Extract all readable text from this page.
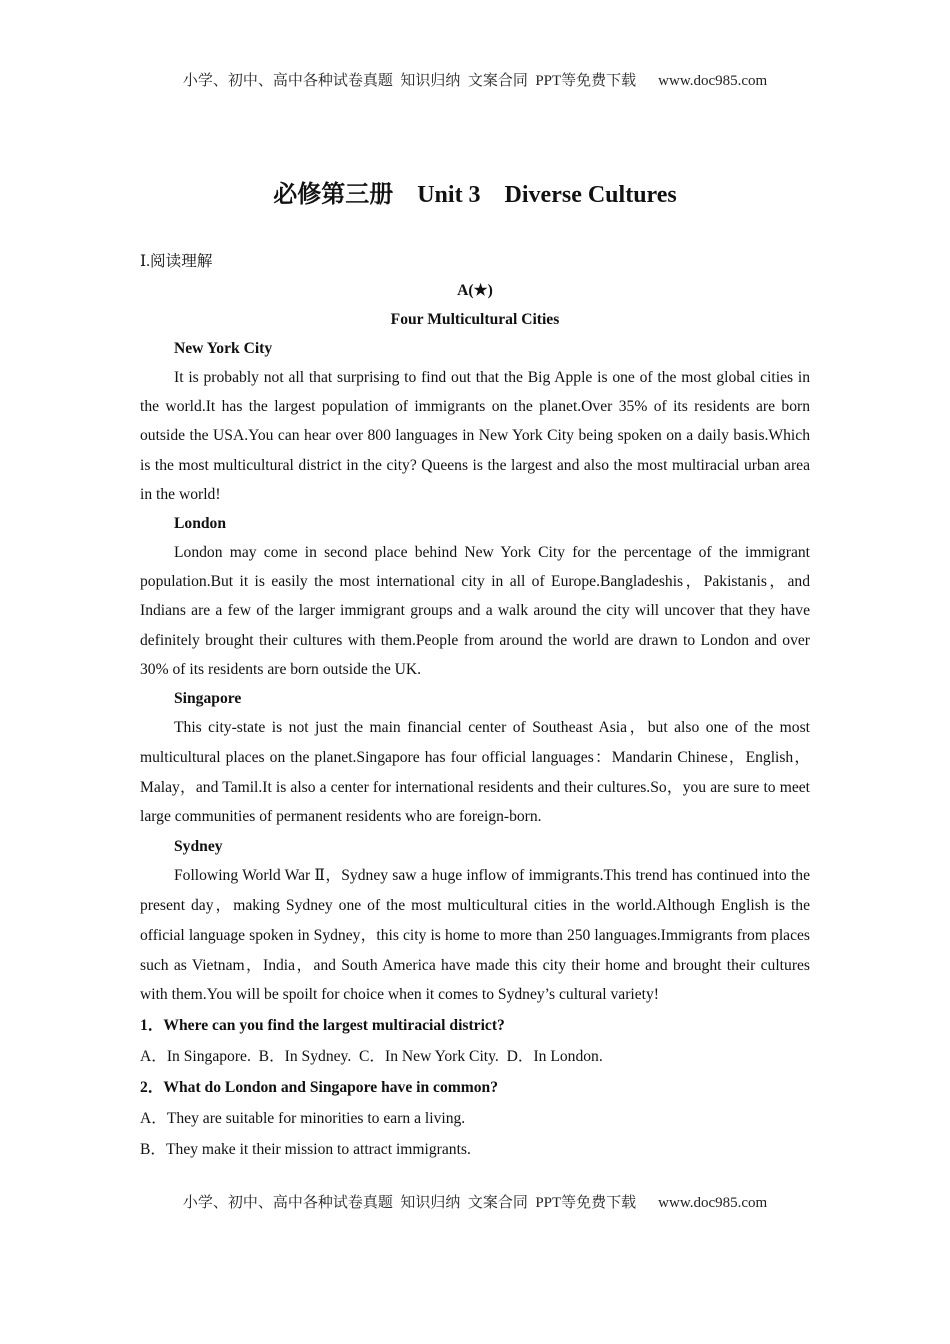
小学、初中、高中各种试卷真题  知识归纳  文案合同  PPT等免费下载 www.doc985.com
必修第三册    Unit 3    Diverse Cultures
Ⅰ.阅读理解
A(★)
Four Multicultural Cities
New York City

It is probably not all that surprising to find out that the Big Apple is one of the most global cities in the world.It has the largest population of immigrants on the planet.Over 35% of its residents are born outside the USA.You can hear over 800 languages in New York City being spoken on a daily basis.Which is the most multicultural district in the city? Queens is the largest and also the most multiracial urban area in the world!

London

London may come in second place behind New York City for the percentage of the immigrant population.But it is easily the most international city in all of Europe.Bangladeshis，Pakistanis，and Indians are a few of the larger immigrant groups and a walk around the city will uncover that they have definitely brought their cultures with them.People from around the world are drawn to London and over 30% of its residents are born outside the UK.

Singapore

This city-state is not just the main financial center of Southeast Asia，but also one of the most multicultural places on the planet.Singapore has four official languages：Mandarin Chinese，English，Malay，and Tamil.It is also a center for international residents and their cultures.So，you are sure to meet large communities of permanent residents who are foreign-born.

Sydney

Following World War Ⅱ，Sydney saw a huge inflow of immigrants.This trend has continued into the present day，making Sydney one of the most multicultural cities in the world.Although English is the official language spoken in Sydney，this city is home to more than 250 languages.Immigrants from places such as Vietnam，India，and South America have made this city their home and brought their cultures with them.You will be spoilt for choice when it comes to Sydney’s cultural variety!

1．Where can you find the largest multiracial district?
A．In Singapore.  B．In Sydney.  C．In New York City.  D．In London.
2．What do London and Singapore have in common?
A．They are suitable for minorities to earn a living.
B．They make it their mission to attract immigrants.
小学、初中、高中各种试卷真题  知识归纳  文案合同  PPT等免费下载 www.doc985.com
